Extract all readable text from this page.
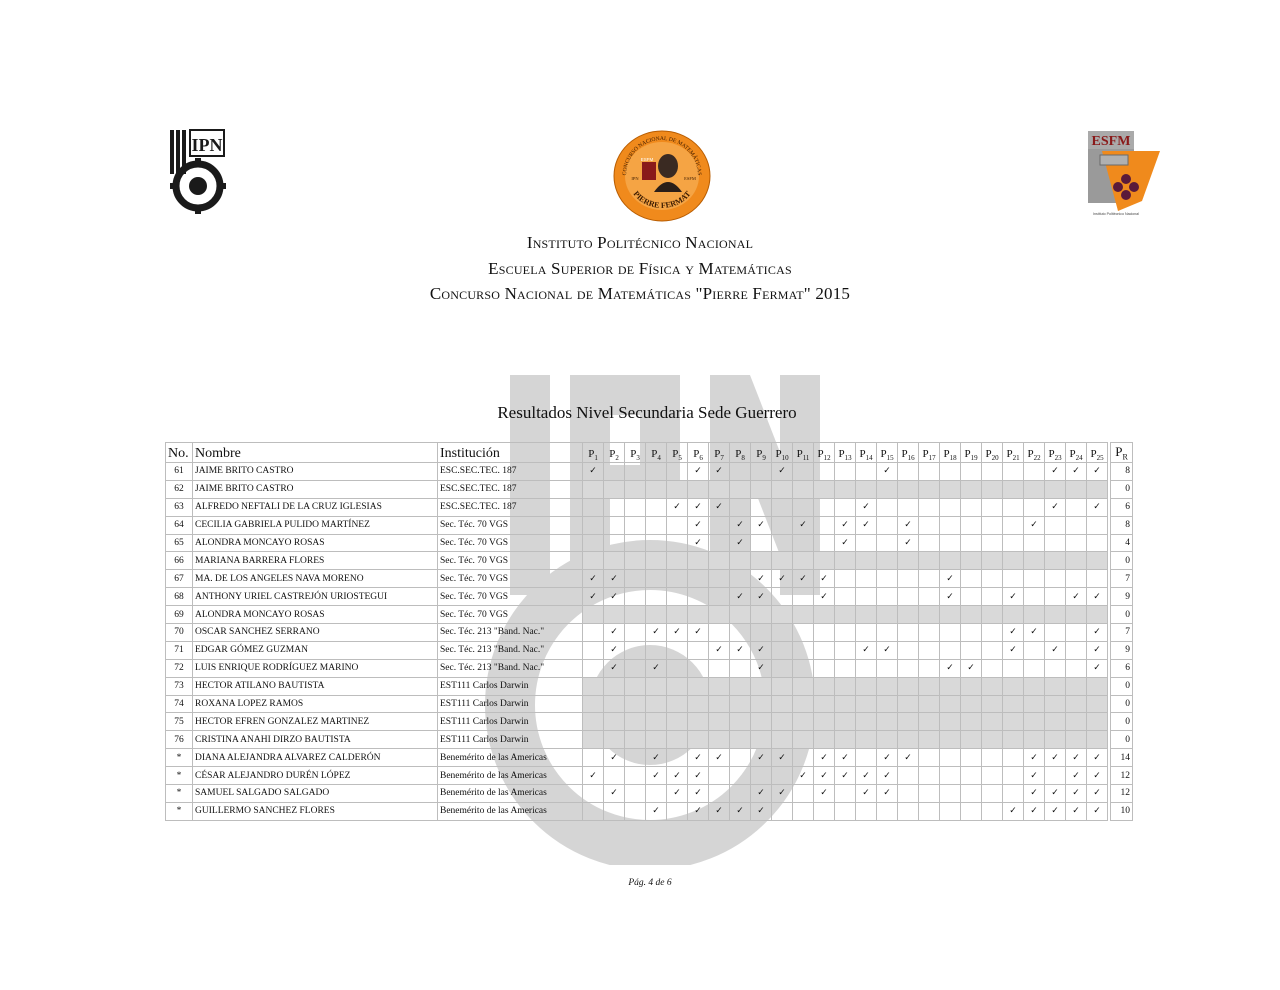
IPN
CONCURSO NACIONAL DE MATEMÁTICAS
PIERRE FERMAT
ESFM
IPN	ESFM
ESFM
Instituto Politécnico Nacional
Instituto Politécnico Nacional
Escuela Superior de Física y Matemáticas
Concurso Nacional de Matemáticas "Pierre Fermat" 2015
Resultados Nivel Secundaria Sede Guerrero
No.	Nombre	Institución	$P_1$	$P_2$	$P_3$	$P_4$	$P_5$	$P_6$	$P_7$	$P_8$	$P_9$	$P_{10}$	$P_{11}$	$P_{12}$	$P_{13}$	$P_{14}$	$P_{15}$	$P_{16}$	$P_{17}$	$P_{18}$	$P_{19}$	$P_{20}$	$P_{21}$	$P_{22}$	$P_{23}$	$P_{24}$	$P_{25}$		$P_R$
61	JAIME BRITO CASTRO	ESC.SEC.TEC. 187	✓					✓	✓			✓					✓								✓	✓	✓		8
62	JAIME BRITO CASTRO	ESC.SEC.TEC. 187																											0
63	ALFREDO NEFTALI DE LA CRUZ IGLESIAS	ESC.SEC.TEC. 187					✓	✓	✓							✓									✓		✓		6
64	CECILIA GABRIELA PULIDO MARTÍNEZ	Sec. Téc. 70 VGS						✓		✓	✓		✓		✓	✓		✓						✓					8
65	ALONDRA MONCAYO ROSAS	Sec. Téc. 70 VGS						✓		✓					✓			✓											4
66	MARIANA BARRERA FLORES	Sec. Téc. 70 VGS																											0
67	MA. DE LOS ANGELES NAVA MORENO	Sec. Téc. 70 VGS	✓	✓							✓	✓	✓	✓						✓									7
68	ANTHONY URIEL CASTREJÓN URIOSTEGUI	Sec. Téc. 70 VGS	✓	✓						✓	✓			✓						✓			✓			✓	✓		9
69	ALONDRA MONCAYO ROSAS	Sec. Téc. 70 VGS																											0
70	OSCAR SANCHEZ SERRANO	Sec. Téc. 213 "Band. Nac."		✓		✓	✓	✓															✓	✓			✓		7
71	EDGAR GÓMEZ GUZMAN	Sec. Téc. 213 "Band. Nac."		✓					✓	✓	✓					✓	✓						✓		✓		✓		9
72	LUIS ENRIQUE RODRÍGUEZ MARINO	Sec. Téc. 213 "Band. Nac."		✓		✓					✓									✓	✓						✓		6
73	HECTOR ATILANO BAUTISTA	EST111 Carlos Darwin																											0
74	ROXANA LOPEZ RAMOS	EST111 Carlos Darwin																											0
75	HECTOR EFREN GONZALEZ MARTINEZ	EST111 Carlos Darwin																											0
76	CRISTINA ANAHI DIRZO BAUTISTA	EST111 Carlos Darwin																											0
*	DIANA ALEJANDRA ALVAREZ CALDERÓN	Benemérito de las Americas		✓		✓		✓	✓		✓	✓		✓	✓		✓	✓						✓	✓	✓	✓		14
*	CÉSAR ALEJANDRO DURÉN LÓPEZ	Benemérito de las Americas	✓			✓	✓	✓					✓	✓	✓	✓	✓							✓		✓	✓		12
*	SAMUEL SALGADO SALGADO	Benemérito de las Americas		✓			✓	✓			✓	✓		✓		✓	✓							✓	✓	✓	✓		12
*	GUILLERMO SANCHEZ FLORES	Benemérito de las Americas				✓		✓	✓	✓	✓												✓	✓	✓	✓	✓		10
Pág. 4 de 6
